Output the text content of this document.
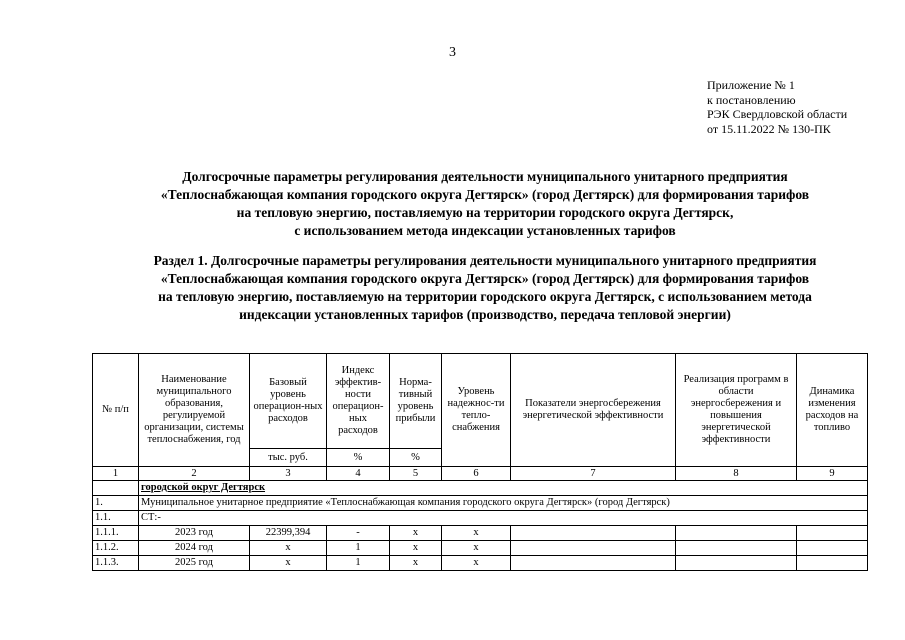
3
Приложение № 1
к постановлению
РЭК Свердловской области
от 15.11.2022 № 130-ПК
Долгосрочные параметры регулирования деятельности муниципального унитарного предприятия
«Теплоснабжающая компания городского округа Дегтярск» (город Дегтярск) для формирования тарифов
на тепловую энергию, поставляемую на территории городского округа Дегтярск,
с использованием метода индексации установленных тарифов
Раздел 1. Долгосрочные параметры регулирования деятельности муниципального унитарного предприятия
«Теплоснабжающая компания городского округа Дегтярск» (город Дегтярск) для формирования тарифов
на тепловую энергию, поставляемую на территории городского округа Дегтярск, с использованием метода
индексации установленных тарифов (производство, передача тепловой энергии)
№ п/п	Наименование муниципального образования, регулируемой организации, системы теплоснабжения, год	Базовый уровень операцион-ных расходов	Индекс эффектив-ности операцион-ных расходов	Норма-тивный уровень прибыли	Уровень надежнос-ти тепло-снабжения	Показатели энергосбережения энергетической эффективности	Реализация программ в области энергосбережения и повышения энергетической эффективности	Динамика изменения расходов на топливо
		тыс. руб.	%	%				
1	2	3	4	5	6	7	8	9
	городской округ Дегтярск							
1.	Муниципальное унитарное предприятие «Теплоснабжающая компания городского округа Дегтярск» (город Дегтярск)							
1.1.	СТ:-							
1.1.1.	2023 год	22399,394	-	х	х			
1.1.2.	2024 год	х	1	х	х			
1.1.3.	2025 год	х	1	х	х			
